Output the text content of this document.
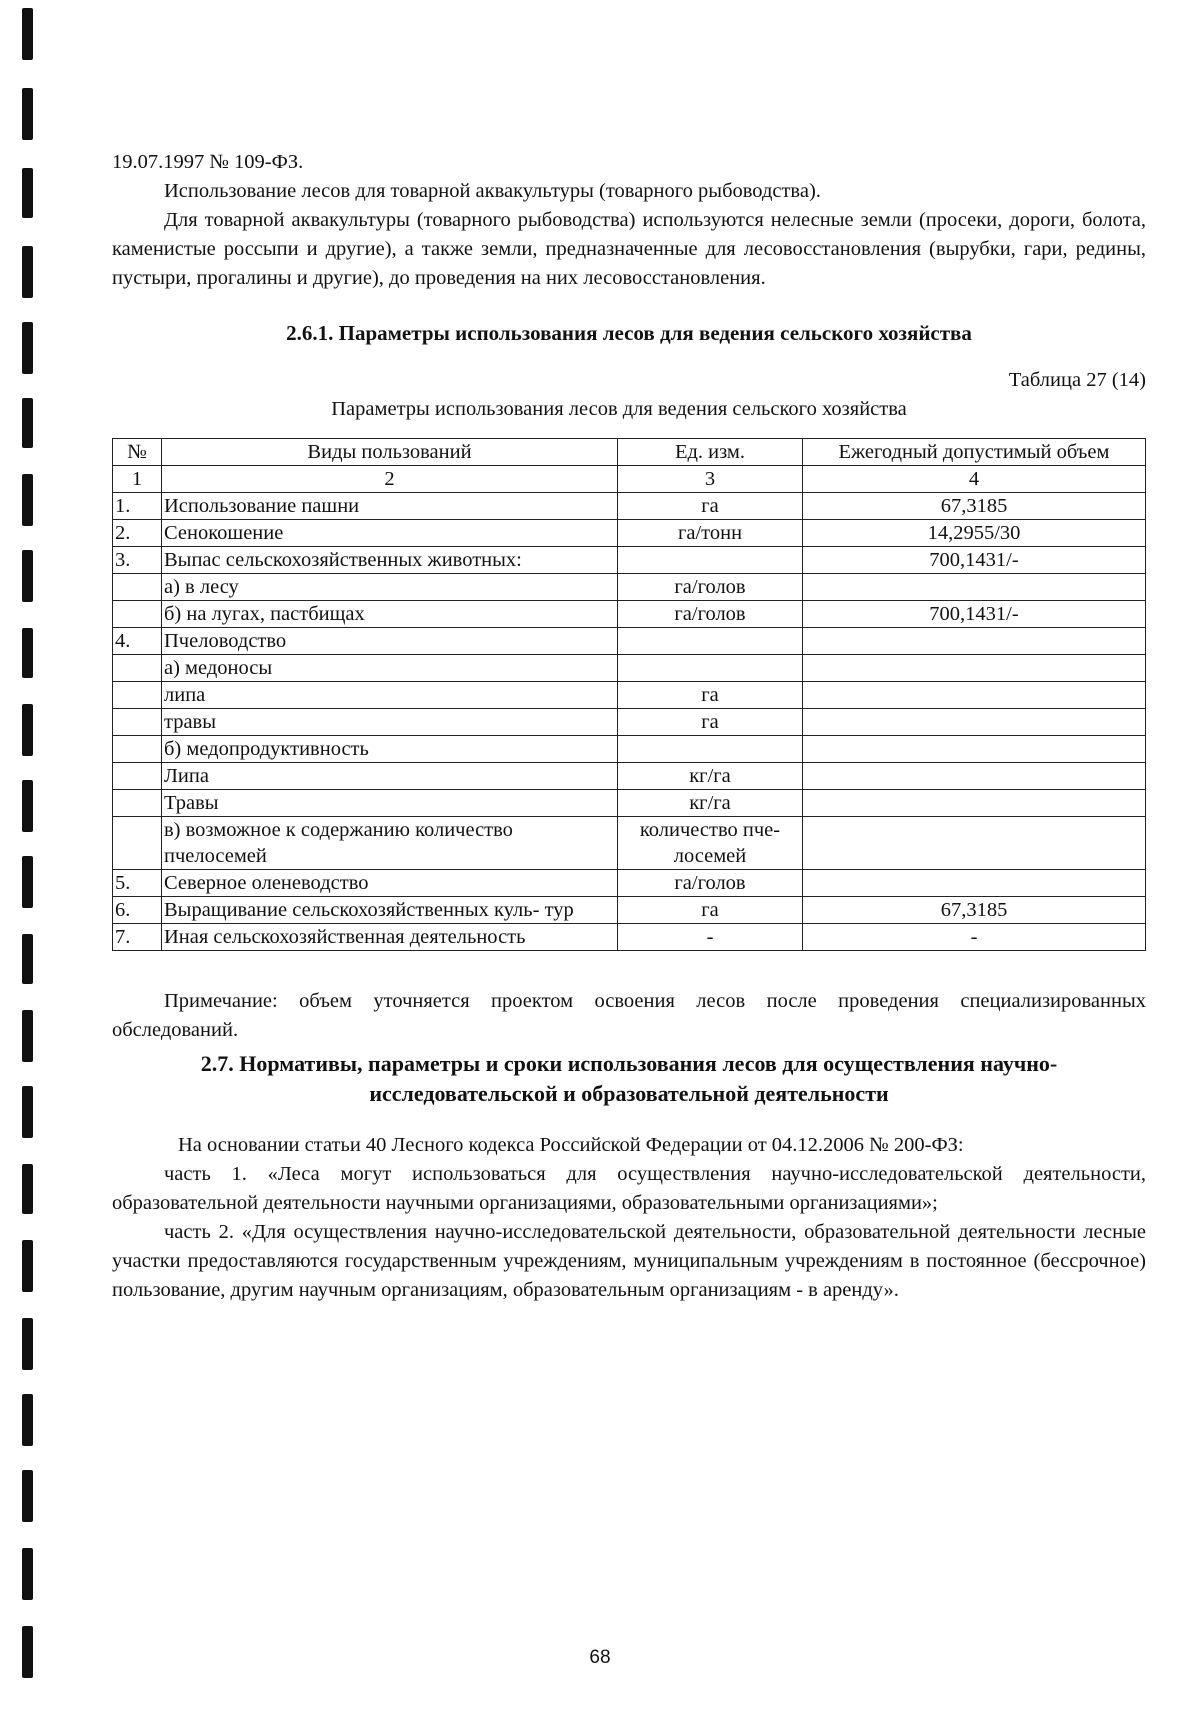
19.07.1997 № 109-ФЗ.

Использование лесов для товарной аквакультуры (товарного рыбоводства).

Для товарной аквакультуры (товарного рыбоводства) используются нелесные земли (просеки, дороги, болота, каменистые россыпи и другие), а также земли, предназначенные для лесовосстановления (вырубки, гари, редины, пустыри, прогалины и другие), до проведения на них лесовосстановления.

2.6.1. Параметры использования лесов для ведения сельского хозяйства
Таблица 27 (14)
Параметры использования лесов для ведения сельского хозяйства
№	Виды пользований	Ед. изм.	Ежегодный допустимый объем
1	2	3	4
1.	Использование пашни	га	67,3185
2.	Сенокошение	га/тонн	14,2955/30
3.	Выпас сельскохозяйственных животных:		700,1431/-
	а) в лесу	га/голов	
	б) на лугах, пастбищах	га/голов	700,1431/-
4.	Пчеловодство		
	а) медоносы		
	липа	га	
	травы	га	
	б) медопродуктивность		
	Липа	кг/га	
	Травы	кг/га	
	в) возможное к содержанию количество пчелосемей	количество пче- лосемей	
5.	Северное оленеводство	га/голов	
6.	Выращивание сельскохозяйственных куль- тур	га	67,3185
7.	Иная сельскохозяйственная деятельность	-	-

Примечание: объем уточняется проектом освоения лесов после проведения специализированных обследований.

2.7. Нормативы, параметры и сроки использования лесов для осуществления научно-исследовательской и образовательной деятельности

На основании статьи 40 Лесного кодекса Российской Федерации от 04.12.2006 № 200-ФЗ:

часть 1. «Леса могут использоваться для осуществления научно-исследовательской деятельности, образовательной деятельности научными организациями, образовательными организациями»;

часть 2. «Для осуществления научно-исследовательской деятельности, образовательной деятельности лесные участки предоставляются государственным учреждениям, муниципальным учреждениям в постоянное (бессрочное) пользование, другим научным организациям, образовательным организациям - в аренду».

68
